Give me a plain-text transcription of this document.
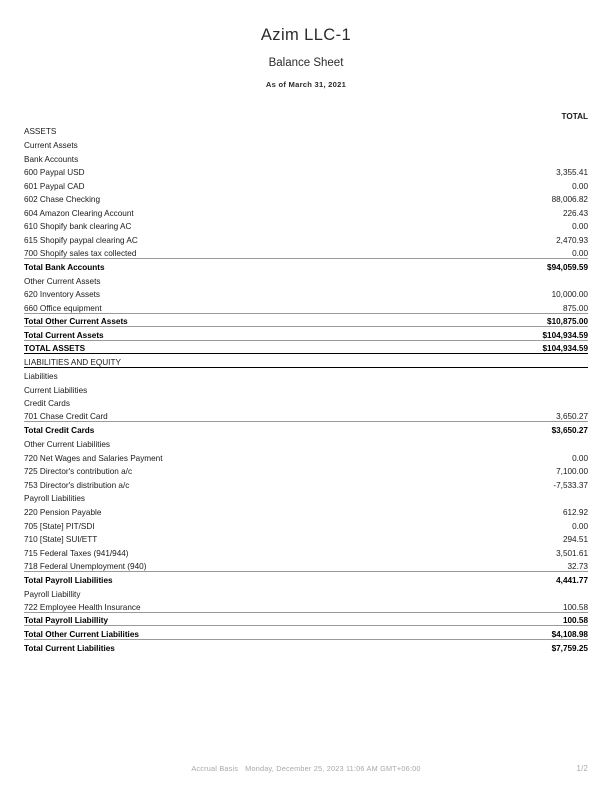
Azim LLC-1
Balance Sheet
As of March 31, 2021
	TOTAL
ASSETS	
Current Assets	
Bank Accounts	
600 Paypal USD	3,355.41
601 Paypal CAD	0.00
602 Chase Checking	88,006.82
604 Amazon Clearing Account	226.43
610 Shopify bank clearing AC	0.00
615 Shopify paypal clearing AC	2,470.93
700 Shopify sales tax collected	0.00
Total Bank Accounts	$94,059.59
Other Current Assets	
620 Inventory Assets	10,000.00
660 Office equipment	875.00
Total Other Current Assets	$10,875.00
Total Current Assets	$104,934.59
TOTAL ASSETS	$104,934.59
LIABILITIES AND EQUITY	
Liabilities	
Current Liabilities	
Credit Cards	
701 Chase Credit Card	3,650.27
Total Credit Cards	$3,650.27
Other Current Liabilities	
720 Net Wages and Salaries Payment	0.00
725 Director's contribution a/c	7,100.00
753 Director's distribution a/c	-7,533.37
Payroll Liabilities	
220 Pension Payable	612.92
705 [State] PIT/SDI	0.00
710 [State] SUI/ETT	294.51
715 Federal Taxes (941/944)	3,501.61
718 Federal Unemployment (940)	32.73
Total Payroll Liabilities	4,441.77
Payroll Liabillity	
722 Employee Health Insurance	100.58
Total Payroll Liabillity	100.58
Total Other Current Liabilities	$4,108.98
Total Current Liabilities	$7,759.25
Accrual Basis Monday, December 25, 2023 11:06 AM GMT+06:00	1/2
